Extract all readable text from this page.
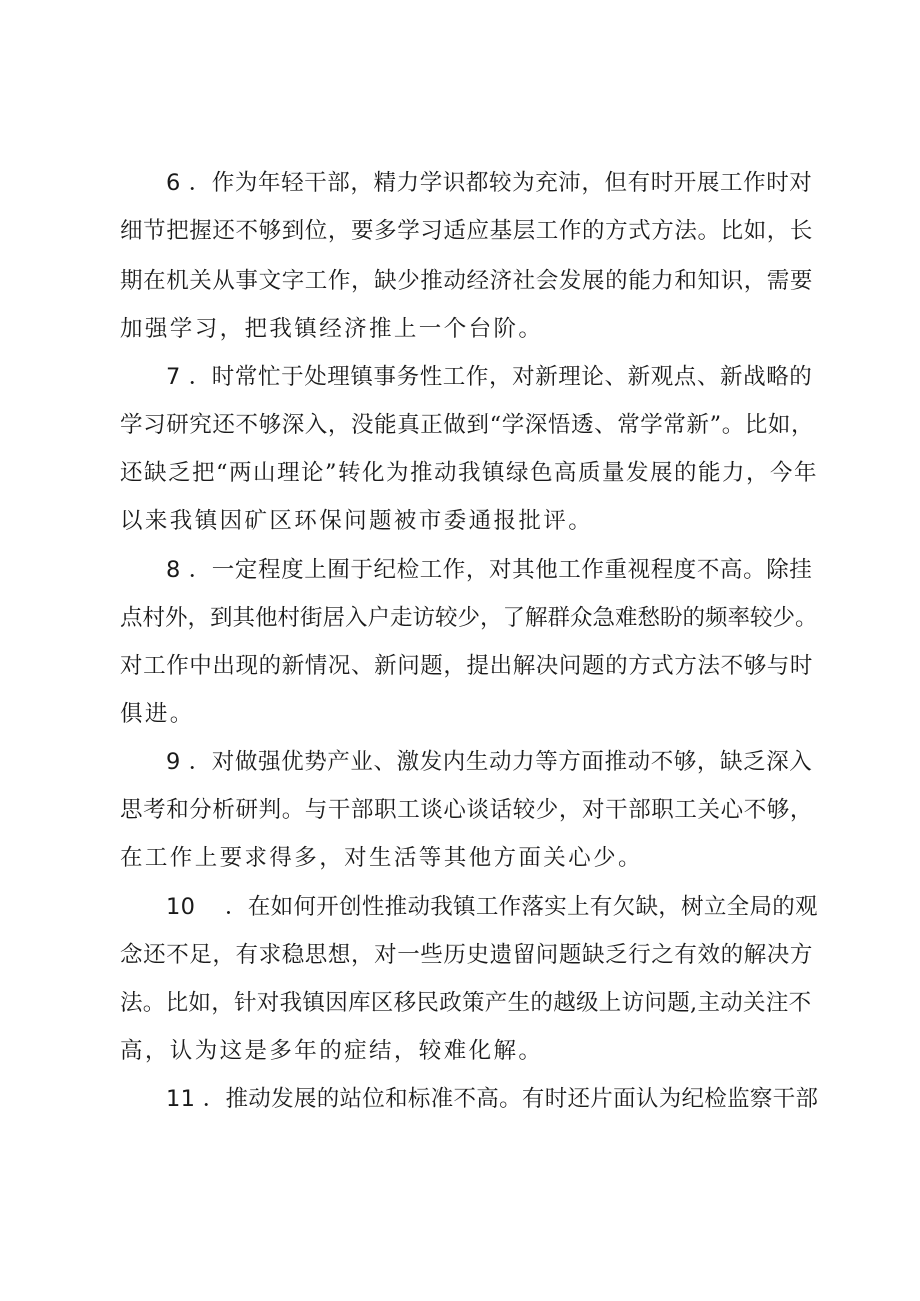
6 ．作为年轻干部，精力学识都较为充沛，但有时开展工作时对
细节把握还不够到位，要多学习适应基层工作的方式方法。比如，长
期在机关从事文字工作，缺少推动经济社会发展的能力和知识，需要
加强学习，把我镇经济推上一个台阶。
7 ．时常忙于处理镇事务性工作，对新理论、新观点、新战略的
学习研究还不够深入，没能真正做到“学深悟透、常学常新”。比如，
还缺乏把“两山理论”转化为推动我镇绿色高质量发展的能力，今年
以来我镇因矿区环保问题被市委通报批评。
8 ．一定程度上囿于纪检工作，对其他工作重视程度不高。除挂
点村外，到其他村街居入户走访较少，了解群众急难愁盼的频率较少。
对工作中出现的新情况、新问题，提出解决问题的方式方法不够与时
俱进。
9 ．对做强优势产业、激发内生动力等方面推动不够，缺乏深入
思考和分析研判。与干部职工谈心谈话较少，对干部职工关心不够，
在工作上要求得多，对生活等其他方面关心少。
10 ．在如何开创性推动我镇工作落实上有欠缺，树立全局的观
念还不足，有求稳思想，对一些历史遗留问题缺乏行之有效的解决方
法。比如，针对我镇因库区移民政策产生的越级上访问题,主动关注不
高，认为这是多年的症结，较难化解。
11 ．推动发展的站位和标准不高。有时还片面认为纪检监察干部
